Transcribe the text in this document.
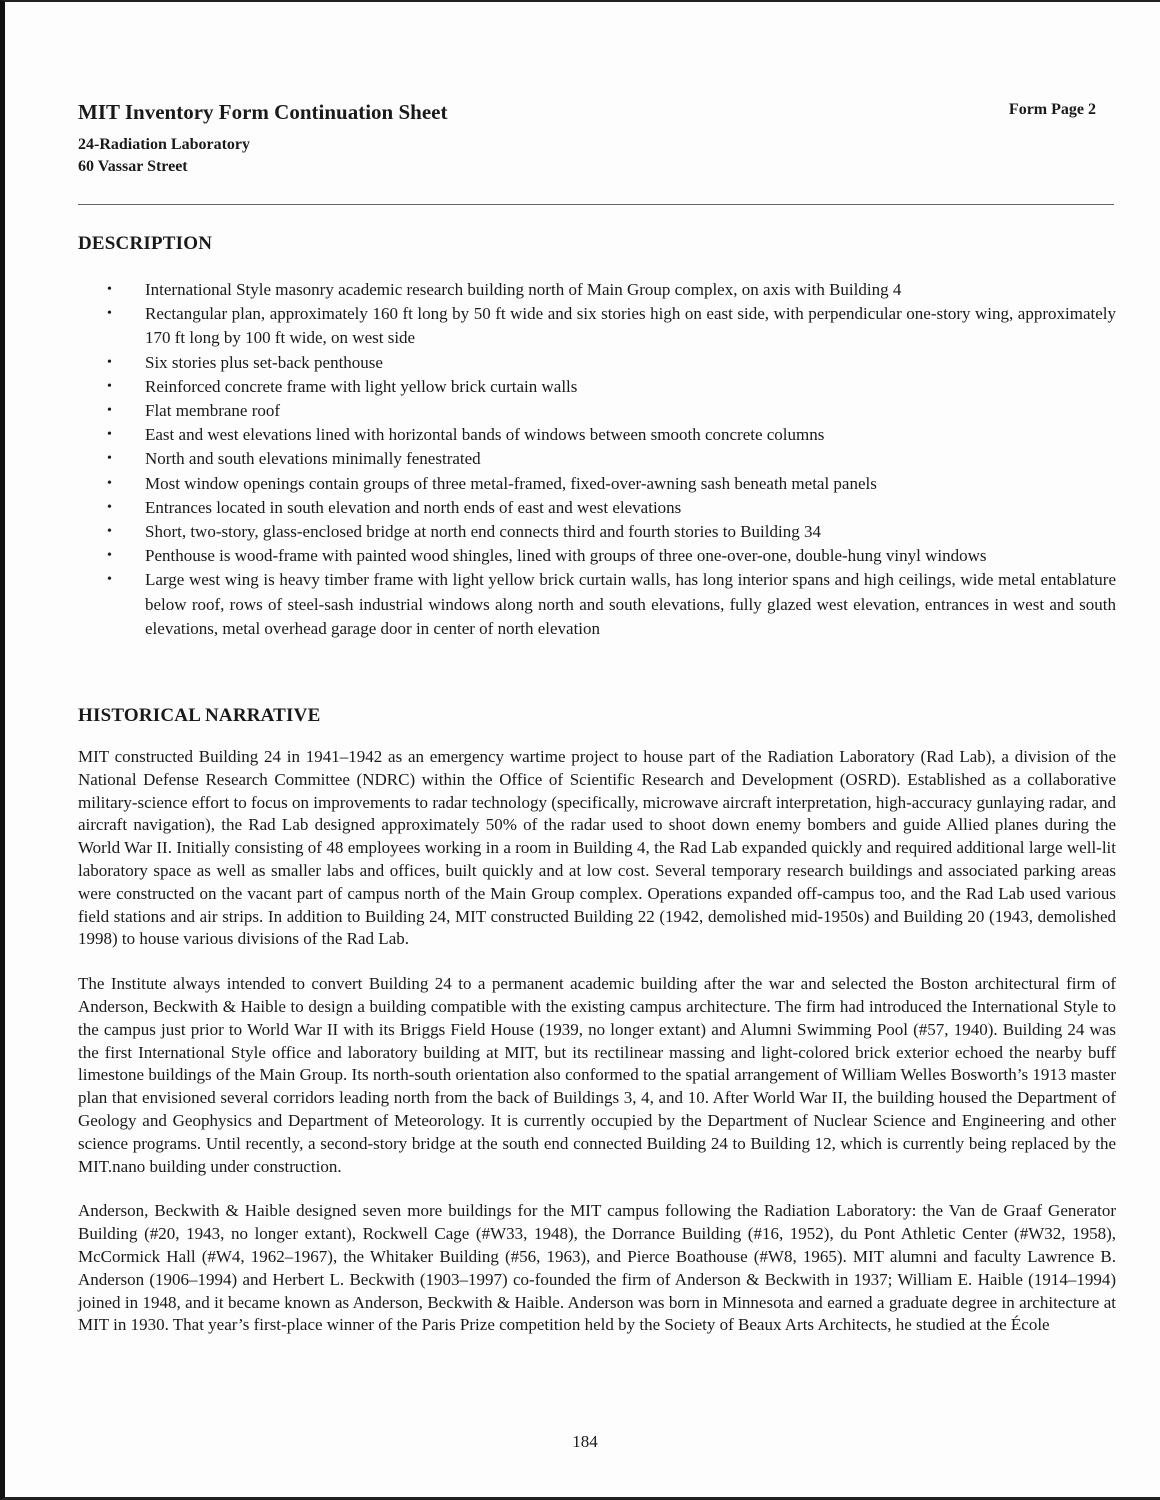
MIT Inventory Form Continuation Sheet	Form Page 2
24-Radiation Laboratory
60 Vassar Street
DESCRIPTION
• International Style masonry academic research building north of Main Group complex, on axis with Building 4
• Rectangular plan, approximately 160 ft long by 50 ft wide and six stories high on east side, with perpendicular one-story wing, approximately 170 ft long by 100 ft wide, on west side
• Six stories plus set-back penthouse
• Reinforced concrete frame with light yellow brick curtain walls
• Flat membrane roof
• East and west elevations lined with horizontal bands of windows between smooth concrete columns
• North and south elevations minimally fenestrated
• Most window openings contain groups of three metal-framed, fixed-over-awning sash beneath metal panels
• Entrances located in south elevation and north ends of east and west elevations
• Short, two-story, glass-enclosed bridge at north end connects third and fourth stories to Building 34
• Penthouse is wood-frame with painted wood shingles, lined with groups of three one-over-one, double-hung vinyl windows
• Large west wing is heavy timber frame with light yellow brick curtain walls, has long interior spans and high ceilings, wide metal entablature below roof, rows of steel-sash industrial windows along north and south elevations, fully glazed west elevation, entrances in west and south elevations, metal overhead garage door in center of north elevation
HISTORICAL NARRATIVE

MIT constructed Building 24 in 1941–1942 as an emergency wartime project to house part of the Radiation Laboratory (Rad Lab), a division of the National Defense Research Committee (NDRC) within the Office of Scientific Research and Development (OSRD). Established as a collaborative military-science effort to focus on improvements to radar technology (specifically, microwave aircraft interpretation, high-accuracy gunlaying radar, and aircraft navigation), the Rad Lab designed approximately 50% of the radar used to shoot down enemy bombers and guide Allied planes during the World War II. Initially consisting of 48 employees working in a room in Building 4, the Rad Lab expanded quickly and required additional large well-lit laboratory space as well as smaller labs and offices, built quickly and at low cost. Several temporary research buildings and associated parking areas were constructed on the vacant part of campus north of the Main Group complex. Operations expanded off-campus too, and the Rad Lab used various field stations and air strips. In addition to Building 24, MIT constructed Building 22 (1942, demolished mid-1950s) and Building 20 (1943, demolished 1998) to house various divisions of the Rad Lab.

The Institute always intended to convert Building 24 to a permanent academic building after the war and selected the Boston architectural firm of Anderson, Beckwith & Haible to design a building compatible with the existing campus architecture. The firm had introduced the International Style to the campus just prior to World War II with its Briggs Field House (1939, no longer extant) and Alumni Swimming Pool (#57, 1940). Building 24 was the first International Style office and laboratory building at MIT, but its rectilinear massing and light-colored brick exterior echoed the nearby buff limestone buildings of the Main Group. Its north-south orientation also conformed to the spatial arrangement of William Welles Bosworth’s 1913 master plan that envisioned several corridors leading north from the back of Buildings 3, 4, and 10. After World War II, the building housed the Department of Geology and Geophysics and Department of Meteorology. It is currently occupied by the Department of Nuclear Science and Engineering and other science programs. Until recently, a second-story bridge at the south end connected Building 24 to Building 12, which is currently being replaced by the MIT.nano building under construction.

Anderson, Beckwith & Haible designed seven more buildings for the MIT campus following the Radiation Laboratory: the Van de Graaf Generator Building (#20, 1943, no longer extant), Rockwell Cage (#W33, 1948), the Dorrance Building (#16, 1952), du Pont Athletic Center (#W32, 1958), McCormick Hall (#W4, 1962–1967), the Whitaker Building (#56, 1963), and Pierce Boathouse (#W8, 1965). MIT alumni and faculty Lawrence B. Anderson (1906–1994) and Herbert L. Beckwith (1903–1997) co-founded the firm of Anderson & Beckwith in 1937; William E. Haible (1914–1994) joined in 1948, and it became known as Anderson, Beckwith & Haible. Anderson was born in Minnesota and earned a graduate degree in architecture at MIT in 1930. That year’s first-place winner of the Paris Prize competition held by the Society of Beaux Arts Architects, he studied at the École

184
